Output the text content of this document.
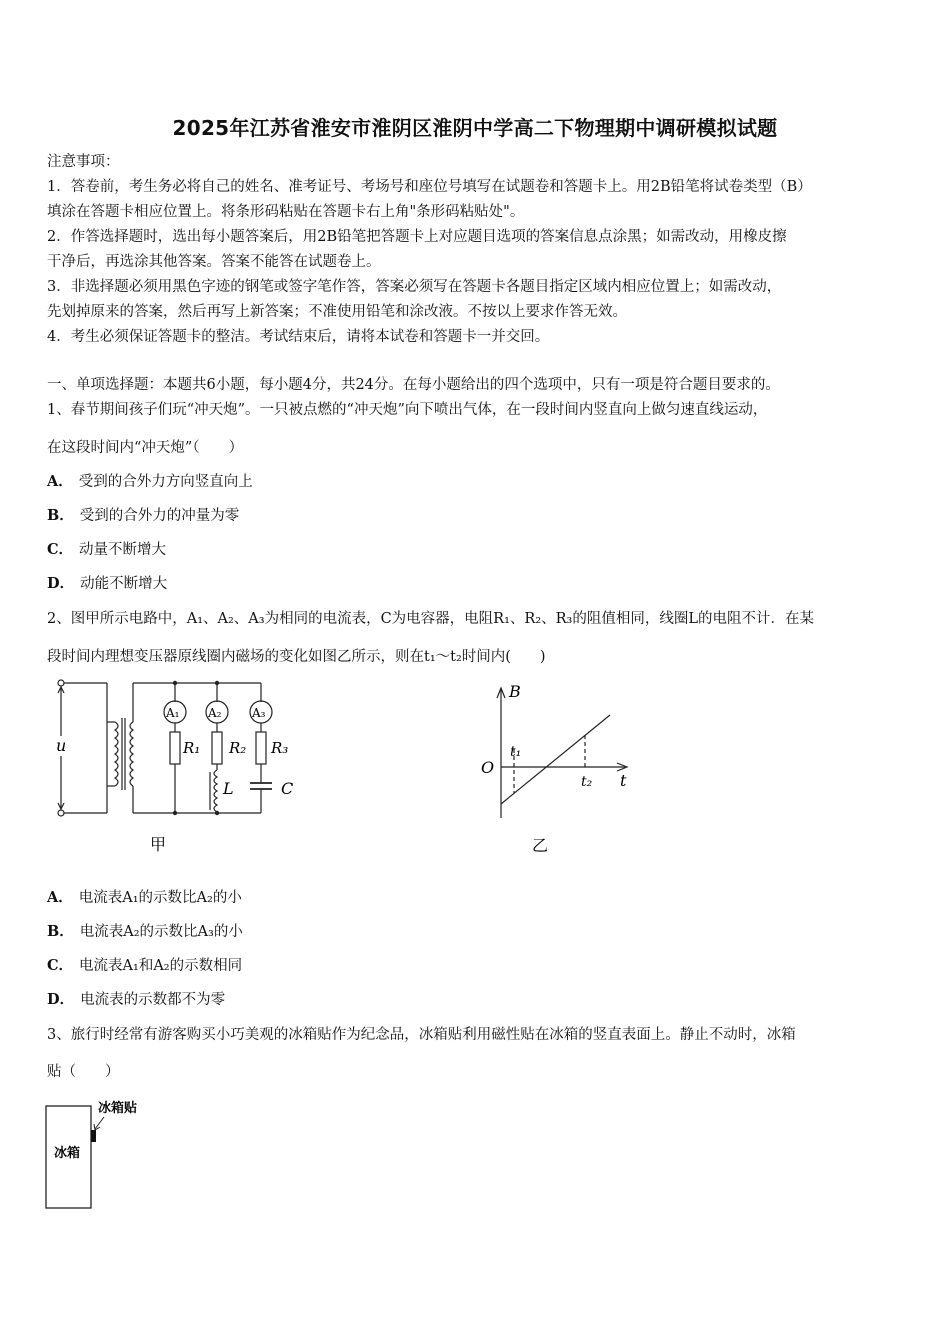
2025年江苏省淮安市淮阴区淮阴中学高二下物理期中调研模拟试题
注意事项：
1．答卷前，考生务必将自己的姓名、准考证号、考场号和座位号填写在试题卷和答题卡上。用2B铅笔将试卷类型（B）
填涂在答题卡相应位置上。将条形码粘贴在答题卡右上角"条形码粘贴处"。
2．作答选择题时，选出每小题答案后，用2B铅笔把答题卡上对应题目选项的答案信息点涂黑；如需改动，用橡皮擦
干净后，再选涂其他答案。答案不能答在试题卷上。
3．非选择题必须用黑色字迹的钢笔或签字笔作答，答案必须写在答题卡各题目指定区域内相应位置上；如需改动，
先划掉原来的答案，然后再写上新答案；不准使用铅笔和涂改液。不按以上要求作答无效。
4．考生必须保证答题卡的整洁。考试结束后，请将本试卷和答题卡一并交回。
一、单项选择题：本题共6小题，每小题4分，共24分。在每小题给出的四个选项中，只有一项是符合题目要求的。
1、春节期间孩子们玩“冲天炮”。一只被点燃的“冲天炮”向下喷出气体，在一段时间内竖直向上做匀速直线运动，
在这段时间内“冲天炮”（　　）
A． 受到的合外力方向竖直向上
B． 受到的合外力的冲量为零
C． 动量不断增大
D． 动能不断增大
2、图甲所示电路中，A₁、A₂、A₃为相同的电流表，C为电容器，电阻R₁、R₂、R₃的阻值相同，线圈L的电阻不计．在某
段时间内理想变压器原线圈内磁场的变化如图乙所示，则在t₁～t₂时间内(　　)
u
A₁ A₂	A₃
R₁ R₂ R₃
L	C
甲
B
t
O
t₁
t₂
乙
A． 电流表A₁的示数比A₂的小
B． 电流表A₂的示数比A₃的小
C． 电流表A₁和A₂的示数相同
D． 电流表的示数都不为零
3、旅行时经常有游客购买小巧美观的冰箱贴作为纪念品，冰箱贴利用磁性贴在冰箱的竖直表面上。静止不动时，冰箱
贴（　　）
冰箱
冰箱贴
